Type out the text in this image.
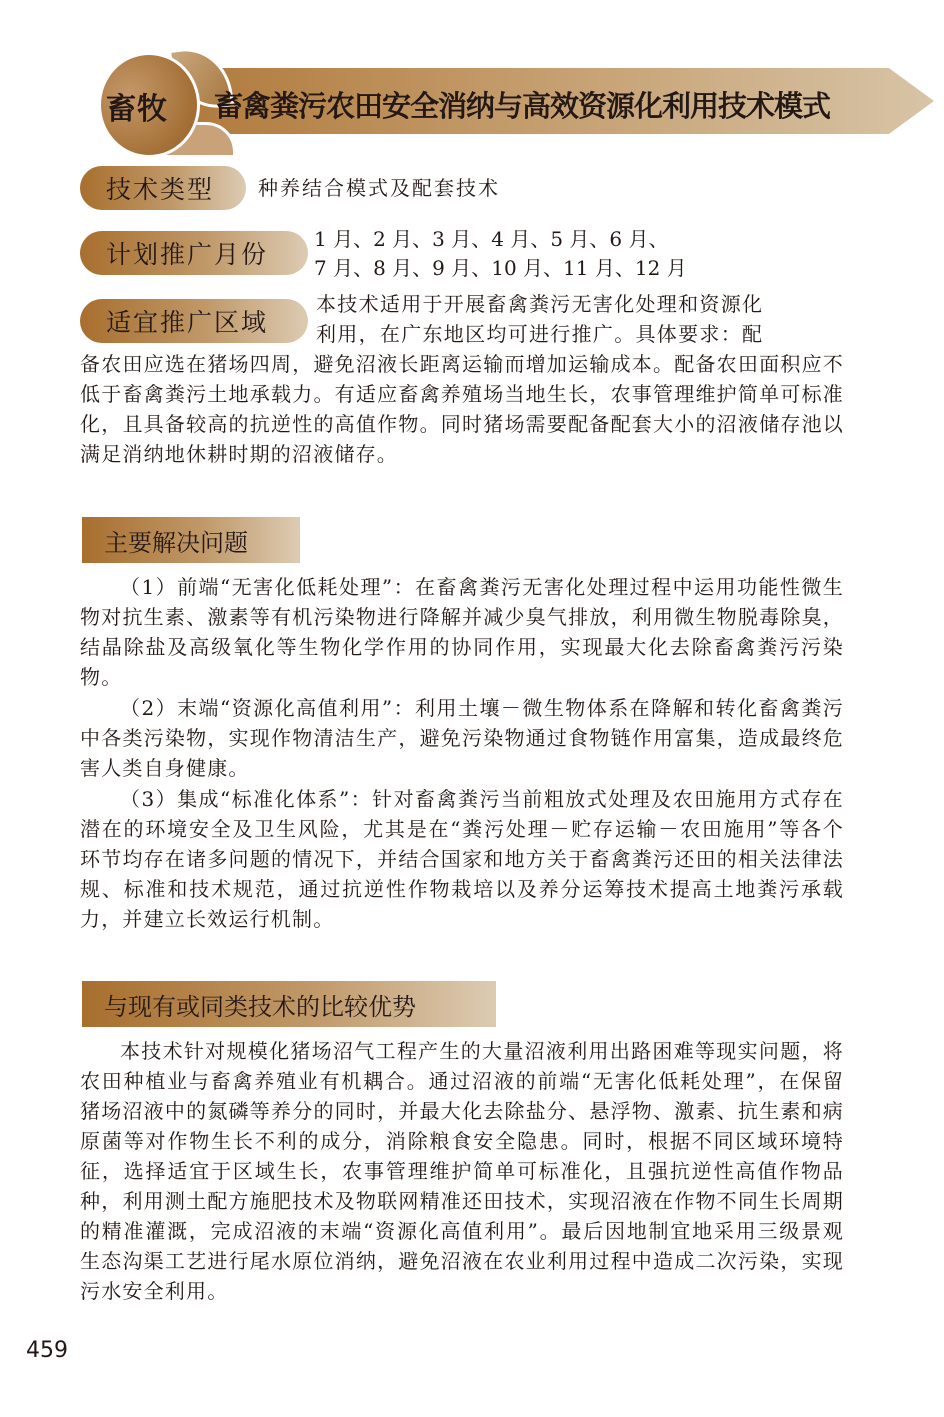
畜牧 畜禽粪污农田安全消纳与高效资源化利用技术模式
技术类型	种养结合模式及配套技术
计划推广月份
1 月、2 月、3 月、4 月、5 月、6 月、
7 月、8 月、9 月、10 月、11 月、12 月
适宜推广区域
本技术适用于开展畜禽粪污无害化处理和资源化
利用，在广东地区均可进行推广。具体要求：配
备农田应选在猪场四周，避免沼液长距离运输而增加运输成本。配备农田面积应不低于畜禽粪污土地承载力。有适应畜禽养殖场当地生长，农事管理维护简单可标准化，且具备较高的抗逆性的高值作物。同时猪场需要配备配套大小的沼液储存池以满足消纳地休耕时期的沼液储存。
主要解决问题
（1）前端“无害化低耗处理”：在畜禽粪污无害化处理过程中运用功能性微生物对抗生素、激素等有机污染物进行降解并减少臭气排放，利用微生物脱毒除臭，结晶除盐及高级氧化等生物化学作用的协同作用，实现最大化去除畜禽粪污污染物。
（2）末端“资源化高值利用”：利用土壤－微生物体系在降解和转化畜禽粪污中各类污染物，实现作物清洁生产，避免污染物通过食物链作用富集，造成最终危害人类自身健康。
（3）集成“标准化体系”：针对畜禽粪污当前粗放式处理及农田施用方式存在潜在的环境安全及卫生风险，尤其是在“粪污处理－贮存运输－农田施用”等各个环节均存在诸多问题的情况下，并结合国家和地方关于畜禽粪污还田的相关法律法规、标准和技术规范，通过抗逆性作物栽培以及养分运筹技术提高土地粪污承载力，并建立长效运行机制。
与现有或同类技术的比较优势
本技术针对规模化猪场沼气工程产生的大量沼液利用出路困难等现实问题，将农田种植业与畜禽养殖业有机耦合。通过沼液的前端“无害化低耗处理”，在保留猪场沼液中的氮磷等养分的同时，并最大化去除盐分、悬浮物、激素、抗生素和病原菌等对作物生长不利的成分，消除粮食安全隐患。同时，根据不同区域环境特征，选择适宜于区域生长，农事管理维护简单可标准化，且强抗逆性高值作物品种，利用测土配方施肥技术及物联网精准还田技术，实现沼液在作物不同生长周期的精准灌溉，完成沼液的末端“资源化高值利用”。最后因地制宜地采用三级景观生态沟渠工艺进行尾水原位消纳，避免沼液在农业利用过程中造成二次污染，实现污水安全利用。
459
